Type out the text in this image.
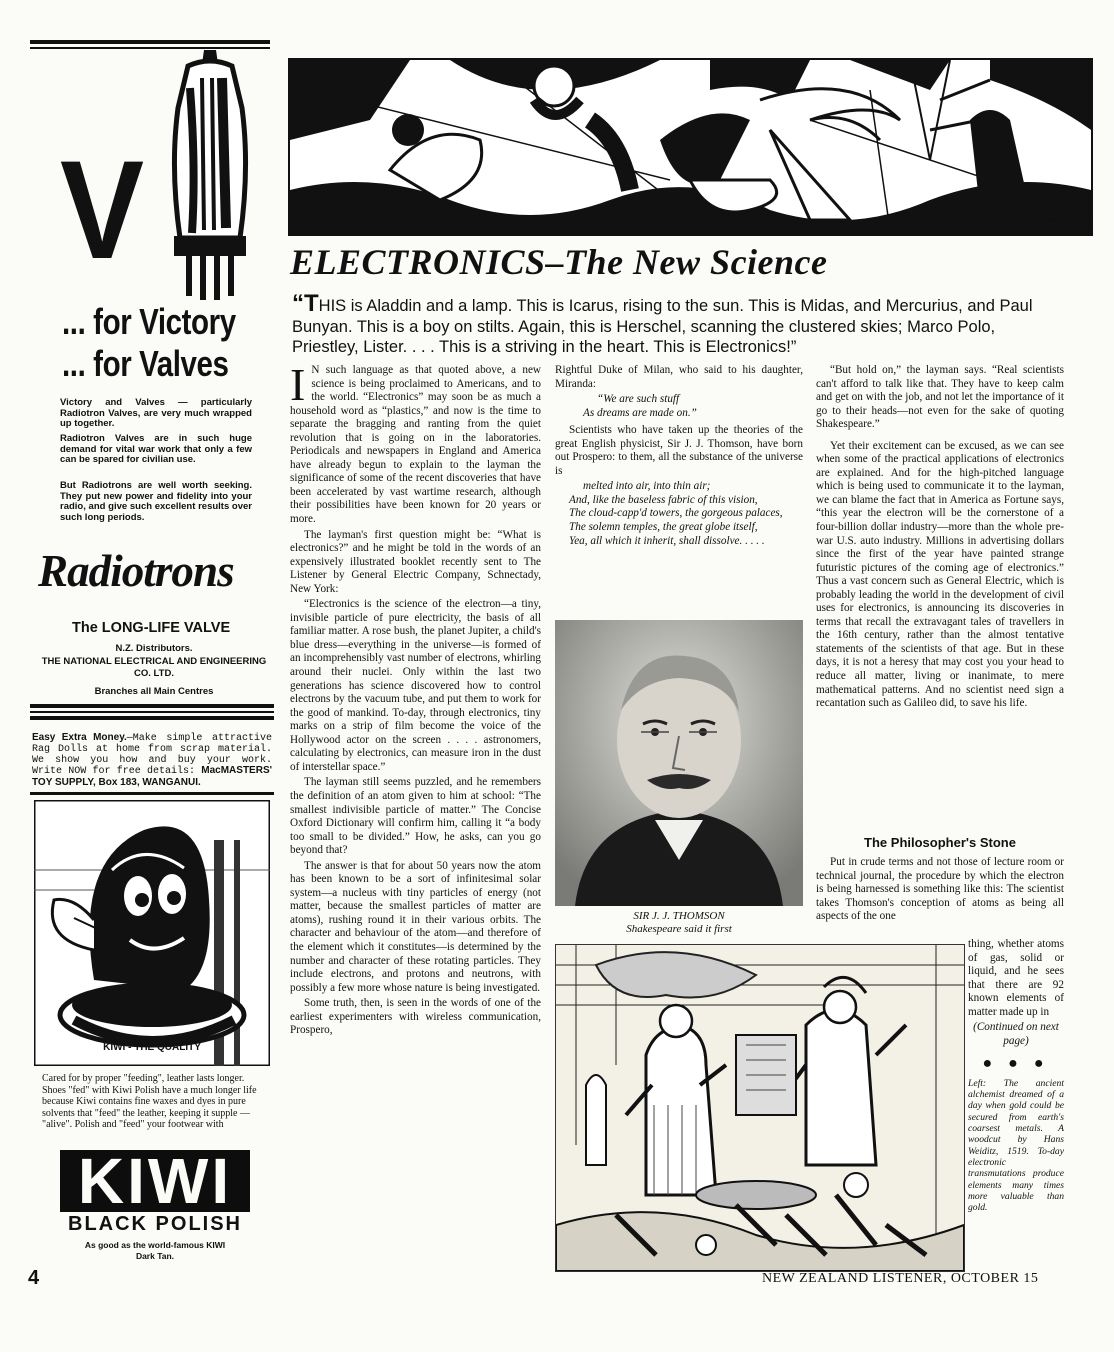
V
... for Victory
... for Valves

Victory and Valves — particularly Radiotron Valves, are very much wrapped up together.

Radiotron Valves are in such huge demand for vital war work that only a few can be spared for civilian use.

But Radiotrons are well worth seeking. They put new power and fidelity into your radio, and give such excellent results over such long periods.

Radiotrons
The LONG-LIFE VALVE
N.Z. Distributors.
THE NATIONAL ELECTRICAL AND ENGINEERING CO. LTD.
Branches all Main Centres
Easy Extra Money.—Make simple attractive Rag Dolls at home from scrap material. We show you how and buy your work. Write NOW for free details: MacMASTERS' TOY SUPPLY, Box 183, WANGANUI.
KIWI - THE QUALITY

Cared for by proper "feeding", leather lasts longer. Shoes "fed" with Kiwi Polish have a much longer life because Kiwi contains fine waxes and dyes in pure solvents that "feed" the leather, keeping it supple — "alive". Polish and "feed" your footwear with

KIWI
BLACK POLISH
As good as the world-famous KIWI
Dark Tan.
4
LANCE DOLTON
ELECTRONICS–The New Science

“THIS is Aladdin and a lamp. This is Icarus, rising to the sun. This is Midas, and Mercurius, and Paul Bunyan. This is a boy on stilts. Again, this is Herschel, scanning the clustered skies; Marco Polo, Priestley, Lister. . . . This is a striving in the heart. This is Electronics!”

I N such language as that quoted above, a new science is being proclaimed to Americans, and to the world. “Electronics” may soon be as much a household word as “plastics,” and now is the time to separate the bragging and ranting from the quiet revolution that is going on in the laboratories. Periodicals and newspapers in England and America have already begun to explain to the layman the significance of some of the recent discoveries that have been accelerated by vast wartime research, although their possibilities have been known for 20 years or more.

The layman's first question might be: “What is electronics?” and he might be told in the words of an expensively illustrated booklet recently sent to The Listener by General Electric Company, Schnectady, New York:

“Electronics is the science of the electron—a tiny, invisible particle of pure electricity, the basis of all familiar matter. A rose bush, the planet Jupiter, a child's blue dress—everything in the universe—is formed of an incomprehensibly vast number of electrons, whirling around their nuclei. Only within the last two generations has science discovered how to control electrons by the vacuum tube, and put them to work for the good of mankind. To-day, through electronics, tiny marks on a strip of film become the voice of the Hollywood actor on the screen . . . . astronomers, calculating by electronics, can measure iron in the dust of interstellar space.”

The layman still seems puzzled, and he remembers the definition of an atom given to him at school: “The smallest indivisible particle of matter.” The Concise Oxford Dictionary will confirm him, calling it “a body too small to be divided.” How, he asks, can you go beyond that?

The answer is that for about 50 years now the atom has been known to be a sort of infinitesimal solar system—a nucleus with tiny particles of energy (not matter, because the smallest particles of matter are atoms), rushing round it in their various orbits. The character and behaviour of the atom—and therefore of the element which it constitutes—is determined by the number and character of these rotating particles. They include electrons, and protons and neutrons, with possibly a few more whose nature is being investigated.

Some truth, then, is seen in the words of one of the earliest experimenters with wireless communication, Prospero,

Rightful Duke of Milan, who said to his daughter, Miranda:

“We are such stuff

As dreams are made on.”

Scientists who have taken up the theories of the great English physicist, Sir J. J. Thomson, have born out Prospero: to them, all the substance of the universe is

melted into air, into thin air;

And, like the baseless fabric of this vision,

The cloud-capp'd towers, the gorgeous palaces,

The solemn temples, the great globe itself,

Yea, all which it inherit, shall dissolve. . . . .

SIR J. J. THOMSON
Shakespeare said it first

“But hold on,” the layman says. “Real scientists can't afford to talk like that. They have to keep calm and get on with the job, and not let the importance of it go to their heads—not even for the sake of quoting Shakespeare.”

Yet their excitement can be excused, as we can see when some of the practical applications of electronics are explained. And for the high-pitched language which is being used to communicate it to the layman, we can blame the fact that in America as Fortune says, “this year the electron will be the cornerstone of a four-billion dollar industry—more than the whole pre-war U.S. auto industry. Millions in advertising dollars since the first of the year have painted strange futuristic pictures of the coming age of electronics.” Thus a vast concern such as General Electric, which is probably leading the world in the development of civil uses for electronics, is announcing its discoveries in terms that recall the extravagant tales of travellers in the 16th century, rather than the almost tentative statements of the scientists of that age. But in these days, it is not a heresy that may cost you your head to reduce all matter, living or inanimate, to mere mathematical patterns. And no scientist need sign a recantation such as Galileo did, to save his life.

The Philosopher's Stone

Put in crude terms and not those of lecture room or technical journal, the procedure by which the electron is being harnessed is something like this: The scientist takes Thomson's conception of atoms as being all aspects of the one

thing, whether atoms of gas, solid or liquid, and he sees that there are 92 known elements of matter made up in

(Continued on next page)

● ● ●

Left: The ancient alchemist dreamed of a day when gold could be secured from earth's coarsest metals. A woodcut by Hans Weiditz, 1519. To-day electronic transmutations produce elements many times more valuable than gold.

NEW ZEALAND LISTENER, OCTOBER 15
